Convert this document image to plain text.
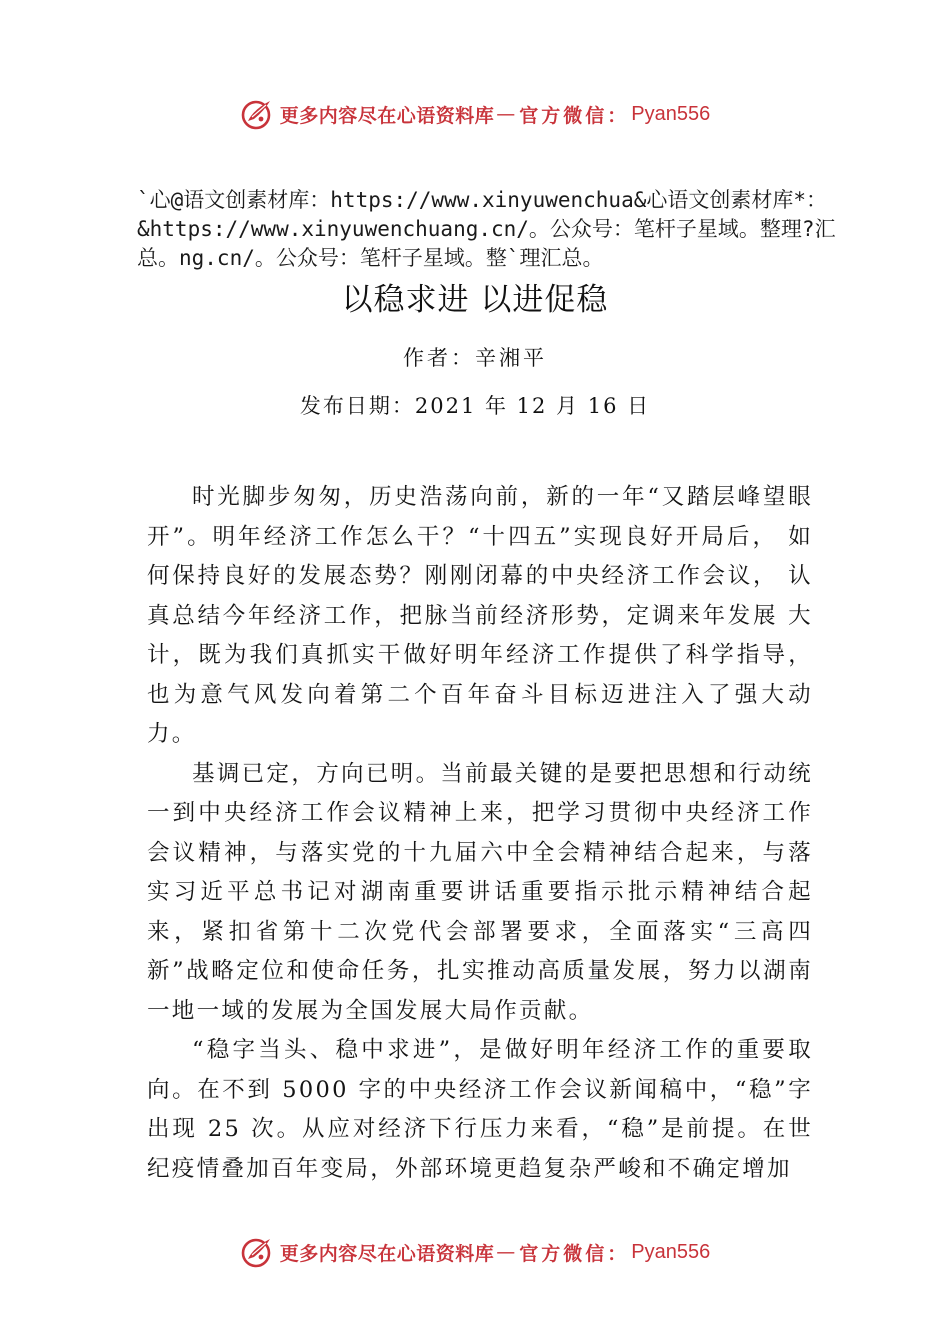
更多内容尽在心语资料库 — 官方微信： Pyan556
`心@语文创素材库：https://www.xinyuwenchua&心语文创素材库*：&https://www.xinyuwenchuang.cn/。公众号：笔杆子星域。整理?汇总。ng.cn/。公众号：笔杆子星域。整`理汇总。
以稳求进 以进促稳
作者：辛湘平
发布日期：2021 年 12 月 16 日

时光脚步匆匆，历史浩荡向前，新的一年“又踏层峰望眼开”。明年经济工作怎么干？“十四五”实现良好开局后， 如何保持良好的发展态势？刚刚闭幕的中央经济工作会议， 认真总结今年经济工作，把脉当前经济形势，定调来年发展 大计，既为我们真抓实干做好明年经济工作提供了科学指导，也为意气风发向着第二个百年奋斗目标迈进注入了强大动力。

基调已定，方向已明。当前最关键的是要把思想和行动统一到中央经济工作会议精神上来，把学习贯彻中央经济工作会议精神，与落实党的十九届六中全会精神结合起来，与落实习近平总书记对湖南重要讲话重要指示批示精神结合起来，紧扣省第十二次党代会部署要求，全面落实“三高四新”战略定位和使命任务，扎实推动高质量发展，努力以湖南一地一域的发展为全国发展大局作贡献。

“稳字当头、稳中求进”，是做好明年经济工作的重要取向。在不到 5000 字的中央经济工作会议新闻稿中，“稳”字出现 25 次。从应对经济下行压力来看，“稳”是前提。在世纪疫情叠加百年变局，外部环境更趋复杂严峻和不确定增加

更多内容尽在心语资料库 — 官方微信： Pyan556
